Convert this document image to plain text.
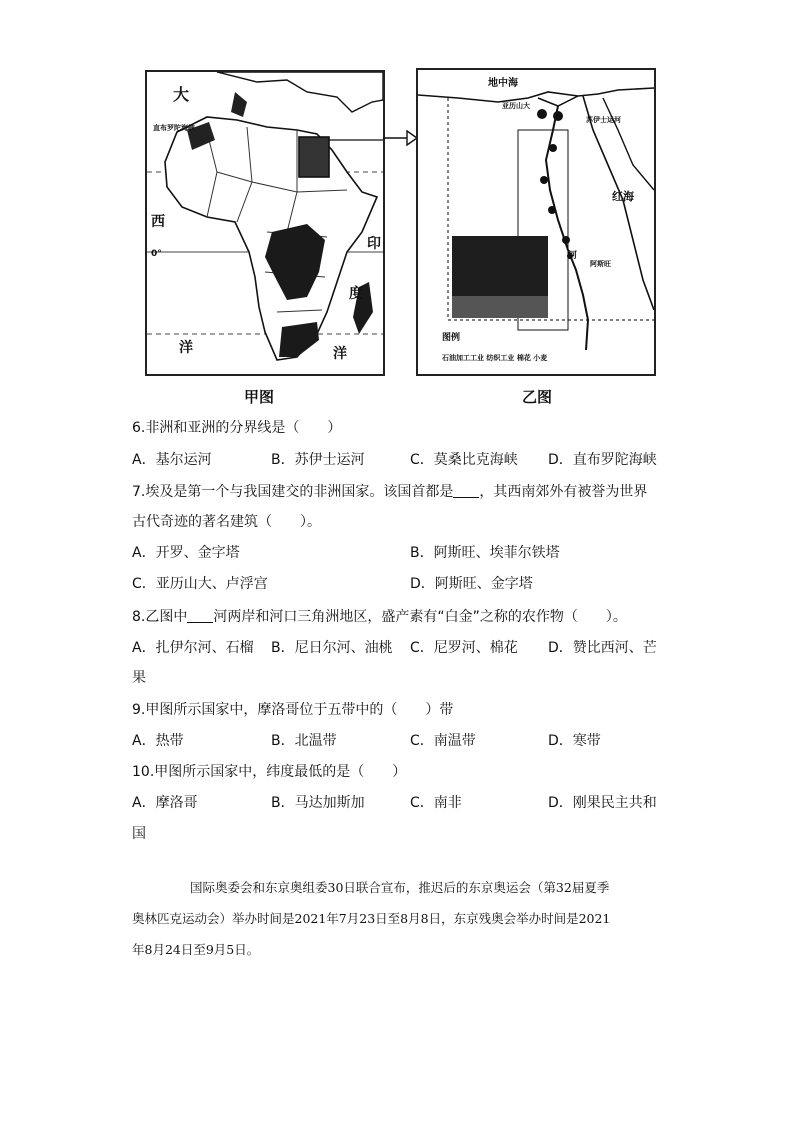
大
直布罗陀海峡
西
0°
洋
印
度
洋
甲图
地中海
亚历山大
苏伊士运河
红海
河
阿斯旺
图例
石油加工工业 纺织工业 棉花 小麦
乙图
6.非洲和亚洲的分界线是（　　）
A．基尔运河	B．苏伊士运河	C．莫桑比克海峡 D．直布罗陀海峡
7.埃及是第一个与我国建交的非洲国家。该国首都是 ，其西南郊外有被誉为世界
古代奇迹的著名建筑（　　）。
A．开罗、金字塔	B．阿斯旺、埃菲尔铁塔
C．亚历山大、卢浮宫	D．阿斯旺、金字塔
8.乙图中 河两岸和河口三角洲地区，盛产素有“白金”之称的农作物（　　）。
A．扎伊尔河、石榴 B．尼日尔河、油桃 C．尼罗河、棉花 D．赞比西河、芒
果
9.甲图所示国家中，摩洛哥位于五带中的（　　）带
A．热带	B．北温带	C．南温带	D．寒带
10.甲图所示国家中，纬度最低的是（　　）
A．摩洛哥	B．马达加斯加	C．南非	D．刚果民主共和
国

国际奥委会和东京奥组委30日联合宣布，推迟后的东京奥运会（第32届夏季

奥林匹克运动会）举办时间是2021年7月23日至8月8日，东京残奥会举办时间是2021

年8月24日至9月5日。
